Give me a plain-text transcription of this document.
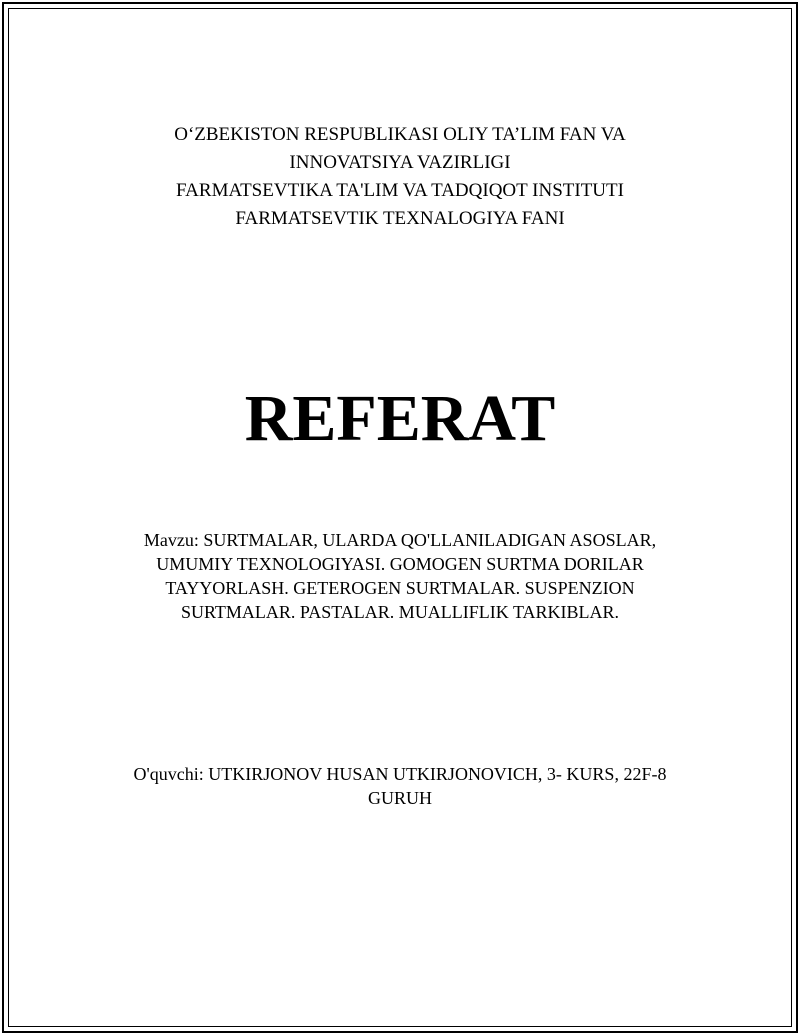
O‘ZBEKISTON RESPUBLIKASI OLIY TA’LIM FAN VA
INNOVATSIYA VAZIRLIGI
FARMATSEVTIKA TA'LIM VA TADQIQOT INSTITUTI
FARMATSEVTIK TEXNALOGIYA FANI
REFERAT
Mavzu: SURTMALAR, ULARDA QO'LLANILADIGAN ASOSLAR,
UMUMIY TEXNOLOGIYASI. GOMOGEN SURTMA DORILAR
TAYYORLASH. GETEROGEN SURTMALAR. SUSPENZION
SURTMALAR. PASTALAR. MUALLIFLIK TARKIBLAR.
O'quvchi: UTKIRJONOV HUSAN UTKIRJONOVICH, 3- KURS, 22F-8
GURUH
